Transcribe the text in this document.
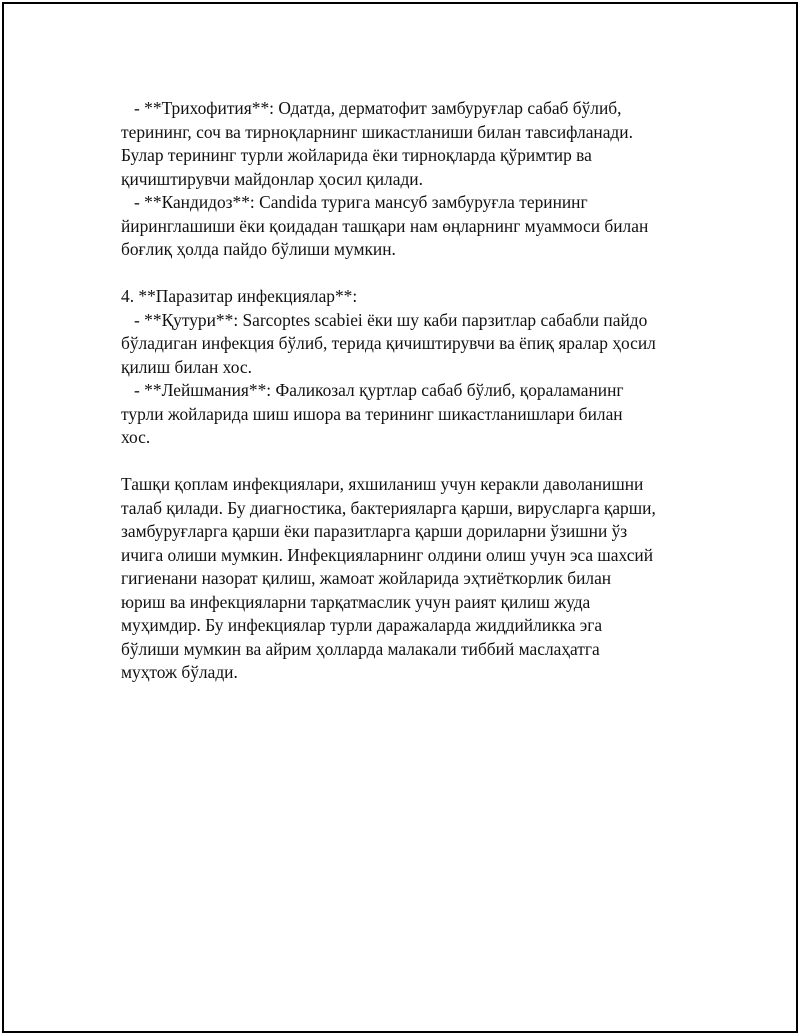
- **Трихофития**: Одатда, дерматофит замбуруғлар сабаб бўлиб,
терининг, соч ва тирноқларнинг шикастланиши билан тавсифланади.
Булар терининг турли жойларида ёки тирноқларда қўримтир ва
қичиштирувчи майдонлар ҳосил қилади.
- **Кандидоз**: Candida турига мансуб замбуруғла терининг
йиринглашиши ёки қоидадан ташқари нам өңларнинг муаммоси билан
боғлиқ ҳолда пайдо бўлиши мумкин.
4. **Паразитар инфекциялар**:
- **Қутури**: Sarcoptes scabiei ёки шу каби парзитлар сабабли пайдо
бўладиган инфекция бўлиб, терида қичиштирувчи ва ёпиқ яралар ҳосил
қилиш билан хос.
- **Лейшмания**: Фаликозал қуртлар сабаб бўлиб, қораламанинг
турли жойларида шиш ишора ва терининг шикастланишлари билан
хос.
Ташқи қоплам инфекциялари, яхшиланиш учун керакли даволанишни
талаб қилади. Бу диагностика, бактерияларга қарши, вирусларга қарши,
замбуруғларга қарши ёки паразитларга қарши дориларни ўзишни ўз
ичига олиши мумкин. Инфекцияларнинг олдини олиш учун эса шахсий
гигиенани назорат қилиш, жамоат жойларида эҳтиёткорлик билан
юриш ва инфекцияларни тарқатмаслик учун раият қилиш жуда
муҳимдир. Бу инфекциялар турли даражаларда жиддийликка эга
бўлиши мумкин ва айрим ҳолларда малакали тиббий маслаҳатга
муҳтож бўлади.
